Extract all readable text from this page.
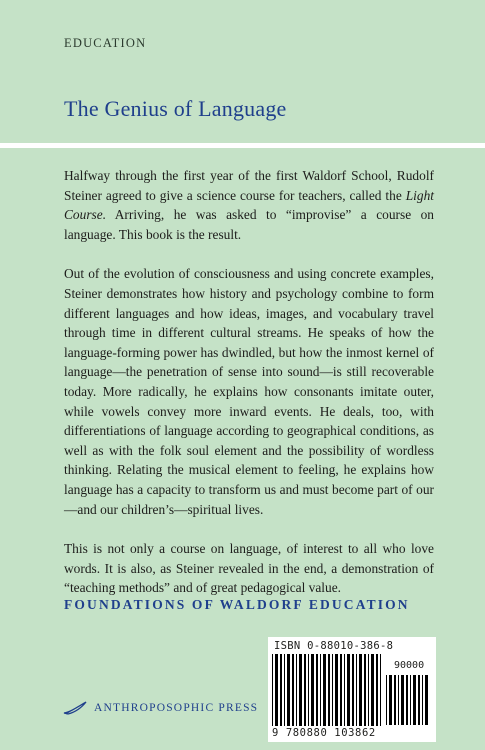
EDUCATION
The Genius of Language

Halfway through the first year of the first Waldorf School, Rudolf Steiner agreed to give a science course for teachers, called the Light Course. Arriving, he was asked to “improvise” a course on language. This book is the result.

Out of the evolution of consciousness and using concrete examples, Steiner demonstrates how history and psychology combine to form different languages and how ideas, images, and vocabulary travel through time in different cultural streams. He speaks of how the language-forming power has dwindled, but how the inmost kernel of language—the penetration of sense into sound—is still recoverable today. More radically, he explains how consonants imitate outer, while vowels convey more inward events. He deals, too, with differentiations of language according to geographical conditions, as well as with the folk soul element and the possibility of wordless thinking. Relating the musical element to feeling, he explains how language has a capacity to transform us and must become part of our—and our children’s—spiritual lives.

This is not only a course on language, of interest to all who love words. It is also, as Steiner revealed in the end, a demonstration of “teaching methods” and of great pedagogical value.

FOUNDATIONS OF WALDORF EDUCATION
ISBN 0-88010-386-8
90000
9 780880 103862
ANTHROPOSOPHIC PRESS
